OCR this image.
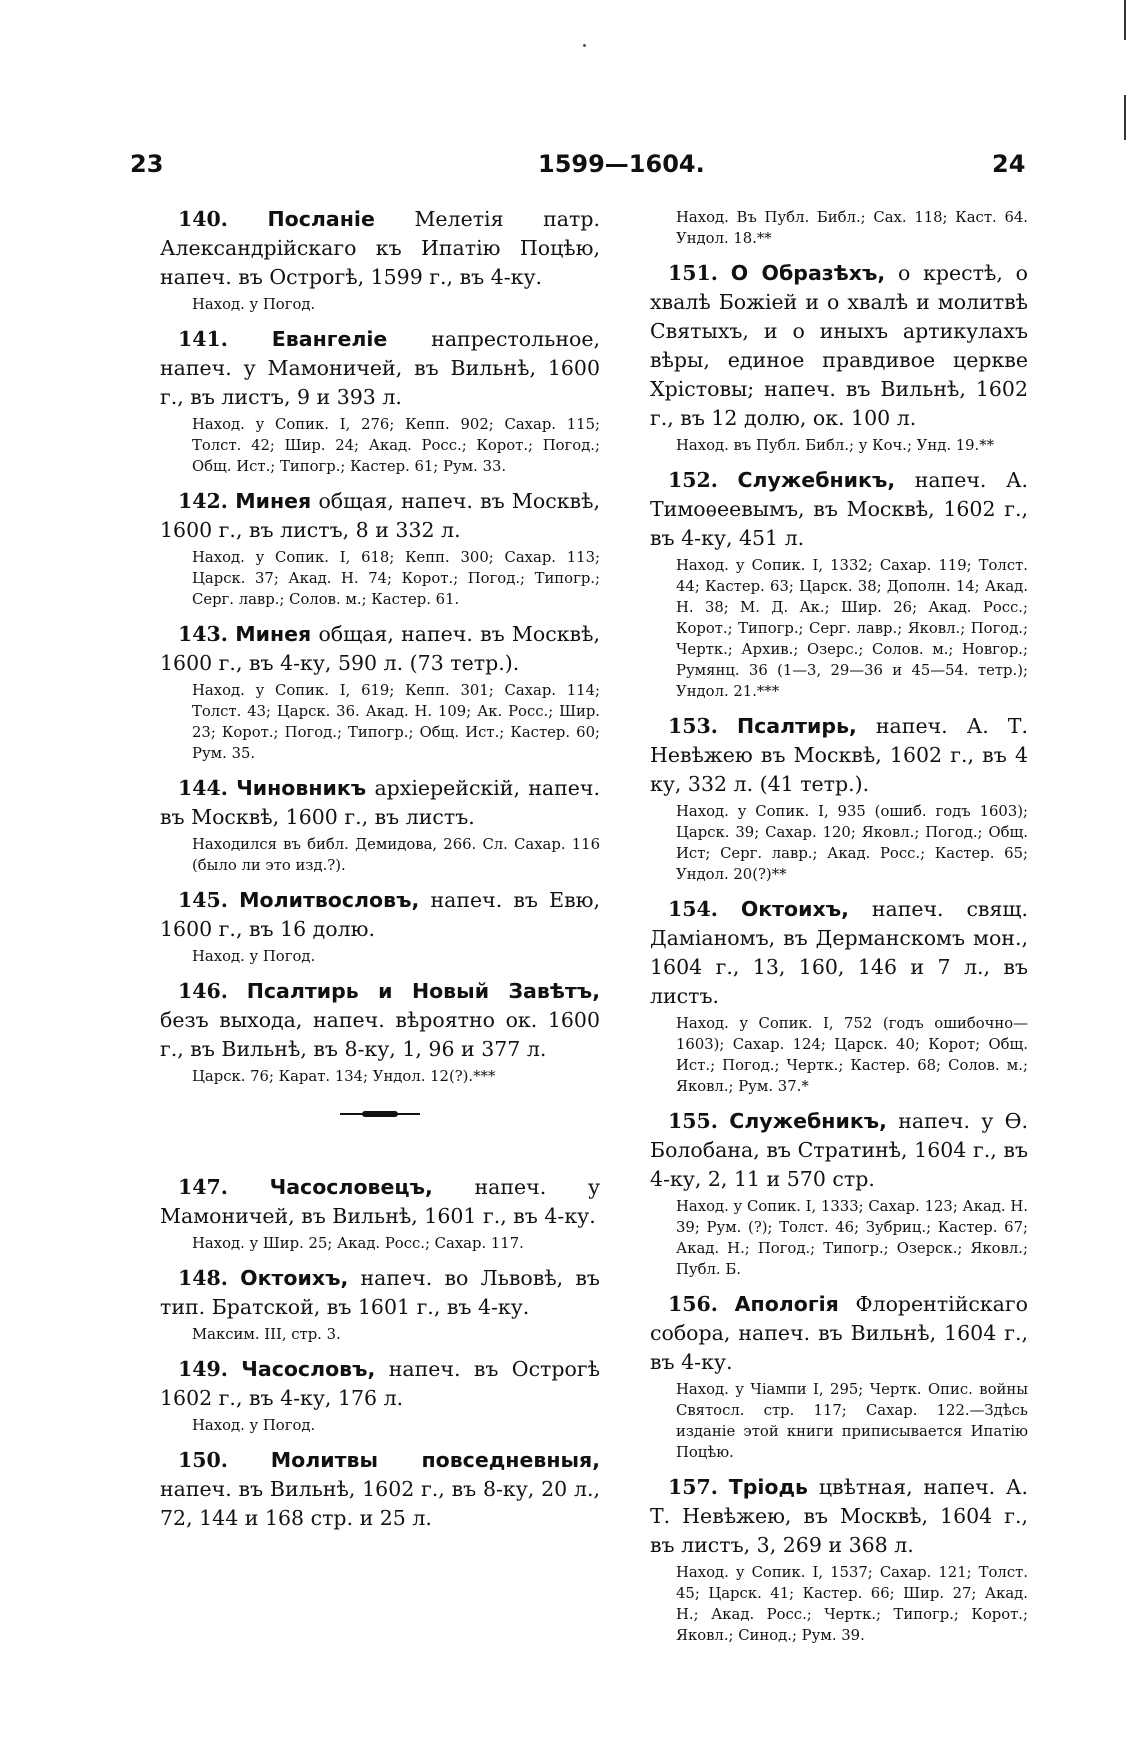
23	1599—1604.	24

140. Посланіе Мелетія патр. Александрійскаго къ Ипатію Поцѣю, напеч. въ Острогѣ, 1599 г., въ 4-ку.

Наход. у Погод.

141. Евангеліе напрестольное, напеч. у Мамоничей, въ Вильнѣ, 1600 г., въ листъ, 9 и 393 л.

Наход. у Сопик. I, 276; Кепп. 902; Сахар. 115; Толст. 42; Шир. 24; Акад. Росс.; Корот.; Погод.; Общ. Ист.; Типогр.; Кастер. 61; Рум. 33.

142. Минея общая, напеч. въ Москвѣ, 1600 г., въ листъ, 8 и 332 л.

Наход. у Сопик. I, 618; Кепп. 300; Сахар. 113; Царск. 37; Акад. Н. 74; Корот.; Погод.; Типогр.; Серг. лавр.; Солов. м.; Кастер. 61.

143. Минея общая, напеч. въ Москвѣ, 1600 г., въ 4-ку, 590 л. (73 тетр.).

Наход. у Сопик. I, 619; Кепп. 301; Сахар. 114; Толст. 43; Царск. 36. Акад. Н. 109; Ак. Росс.; Шир. 23; Корот.; Погод.; Типогр.; Общ. Ист.; Кастер. 60; Рум. 35.

144. Чиновникъ архіерейскій, напеч. въ Москвѣ, 1600 г., въ листъ.

Находился въ библ. Демидова, 266. Сл. Сахар. 116 (было ли это изд.?).

145. Молитвословъ, напеч. въ Евю, 1600 г., въ 16 долю.

Наход. у Погод.

146. Псалтирь и Новый Завѣтъ, безъ выхода, напеч. вѣроятно ок. 1600 г., въ Вильнѣ, въ 8-ку, 1, 96 и 377 л.

Царск. 76; Карат. 134; Ундол. 12(?).***

147. Часословецъ, напеч. у Мамоничей, въ Вильнѣ, 1601 г., въ 4-ку.

Наход. у Шир. 25; Акад. Росс.; Сахар. 117.

148. Октоихъ, напеч. во Львовѣ, въ тип. Братской, въ 1601 г., въ 4-ку.

Максим. III, стр. 3.

149. Часословъ, напеч. въ Острогѣ 1602 г., въ 4-ку, 176 л.

Наход. у Погод.

150. Молитвы повседневныя, напеч. въ Вильнѣ, 1602 г., въ 8-ку, 20 л., 72, 144 и 168 стр. и 25 л.

Наход. Въ Публ. Библ.; Сах. 118; Каст. 64. Ундол. 18.**

151. О Образѣхъ, о крестѣ, о хвалѣ Божіей и о хвалѣ и молитвѣ Святыхъ, и о иныхъ артикулахъ вѣры, единое правдивое церкве Хрістовы; напеч. въ Вильнѣ, 1602 г., въ 12 долю, ок. 100 л.

Наход. въ Публ. Библ.; у Коч.; Унд. 19.**

152. Служебникъ, напеч. А. Тимоѳеевымъ, въ Москвѣ, 1602 г., въ 4-ку, 451 л.

Наход. у Сопик. I, 1332; Сахар. 119; Толст. 44; Кастер. 63; Царск. 38; Дополн. 14; Акад. Н. 38; М. Д. Ак.; Шир. 26; Акад. Росс.; Корот.; Типогр.; Серг. лавр.; Яковл.; Погод.; Чертк.; Архив.; Озерс.; Солов. м.; Новгор.; Румянц. 36 (1—3, 29—36 и 45—54. тетр.); Ундол. 21.***

153. Псалтирь, напеч. А. Т. Невѣжею въ Москвѣ, 1602 г., въ 4 ку, 332 л. (41 тетр.).

Наход. у Сопик. I, 935 (ошиб. годъ 1603); Царск. 39; Сахар. 120; Яковл.; Погод.; Общ. Ист; Серг. лавр.; Акад. Росс.; Кастер. 65; Ундол. 20(?)**

154. Октоихъ, напеч. свящ. Даміаномъ, въ Дерманскомъ мон., 1604 г., 13, 160, 146 и 7 л., въ листъ.

Наход. у Сопик. I, 752 (годъ ошибочно—1603); Сахар. 124; Царск. 40; Корот; Общ. Ист.; Погод.; Чертк.; Кастер. 68; Солов. м.; Яковл.; Рум. 37.*

155. Служебникъ, напеч. у Ѳ. Болобана, въ Стратинѣ, 1604 г., въ 4-ку, 2, 11 и 570 стр.

Наход. у Сопик. I, 1333; Сахар. 123; Акад. Н. 39; Рум. (?); Толст. 46; Зубриц.; Кастер. 67; Акад. Н.; Погод.; Типогр.; Озерск.; Яковл.; Публ. Б.

156. Апологія Флорентійскаго собора, напеч. въ Вильнѣ, 1604 г., въ 4-ку.

Наход. у Чіампи I, 295; Чертк. Опис. войны Святосл. стр. 117; Сахар. 122.—Здѣсь изданіе этой книги приписывается Ипатію Поцѣю.

157. Тріодь цвѣтная, напеч. А. Т. Невѣжею, въ Москвѣ, 1604 г., въ листъ, 3, 269 и 368 л.

Наход. у Сопик. I, 1537; Сахар. 121; Толст. 45; Царск. 41; Кастер. 66; Шир. 27; Акад. Н.; Акад. Росс.; Чертк.; Типогр.; Корот.; Яковл.; Синод.; Рум. 39.
